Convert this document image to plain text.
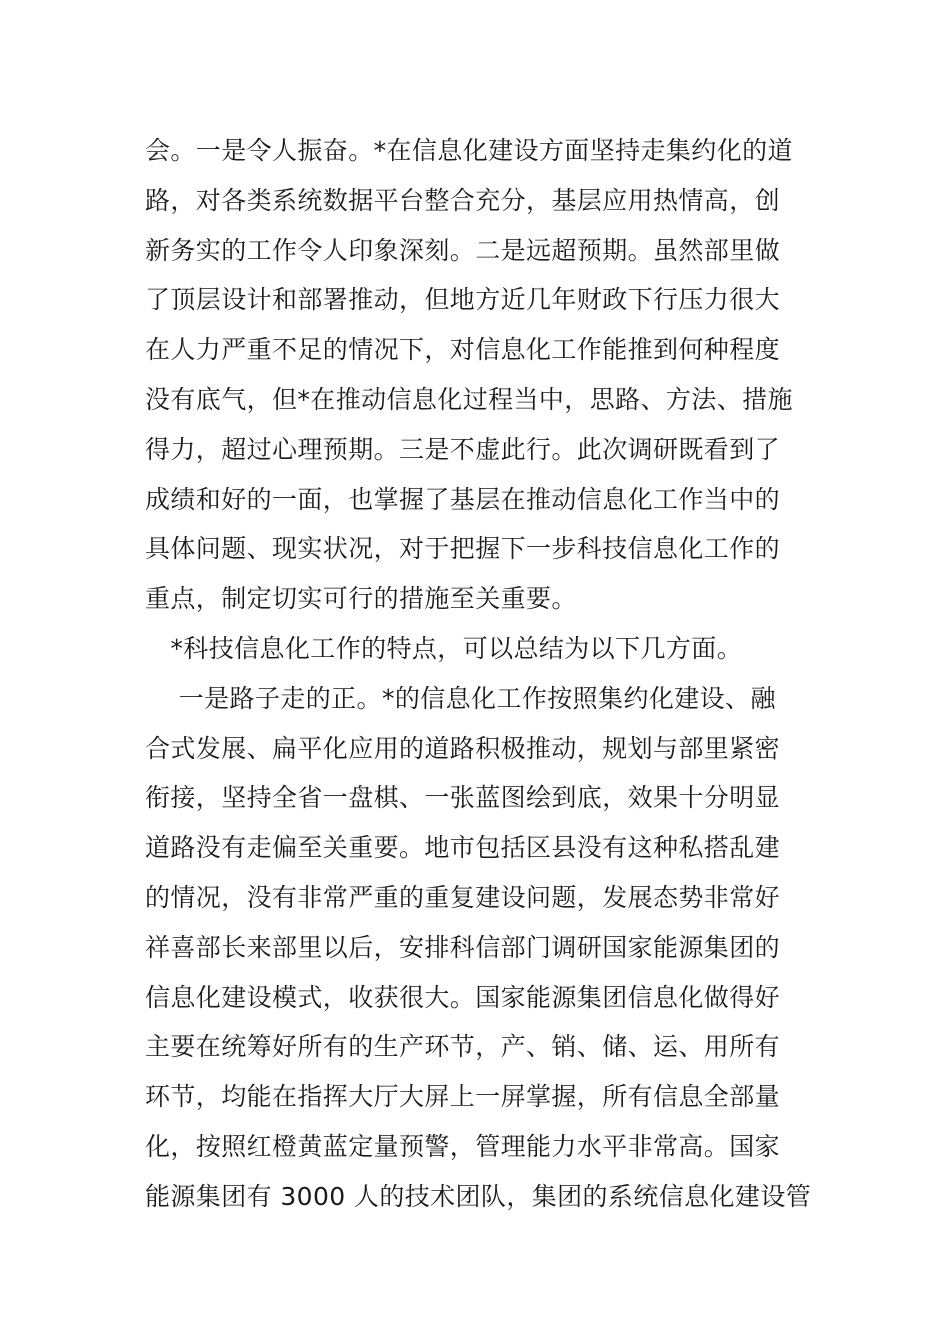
会。一是令人振奋。*在信息化建设方面坚持走集约化的道
路，对各类系统数据平台整合充分，基层应用热情高，创
新务实的工作令人印象深刻。二是远超预期。虽然部里做
了顶层设计和部署推动，但地方近几年财政下行压力很大
在人力严重不足的情况下，对信息化工作能推到何种程度
没有底气，但*在推动信息化过程当中，思路、方法、措施
得力，超过心理预期。三是不虚此行。此次调研既看到了
成绩和好的一面，也掌握了基层在推动信息化工作当中的
具体问题、现实状况，对于把握下一步科技信息化工作的
重点，制定切实可行的措施至关重要。
　*科技信息化工作的特点，可以总结为以下几方面。
　 一是路子走的正。*的信息化工作按照集约化建设、融
合式发展、扁平化应用的道路积极推动，规划与部里紧密
衔接，坚持全省一盘棋、一张蓝图绘到底，效果十分明显
道路没有走偏至关重要。地市包括区县没有这种私搭乱建
的情况，没有非常严重的重复建设问题，发展态势非常好
祥喜部长来部里以后，安排科信部门调研国家能源集团的
信息化建设模式，收获很大。国家能源集团信息化做得好
主要在统筹好所有的生产环节，产、销、储、运、用所有
环节，均能在指挥大厅大屏上一屏掌握，所有信息全部量
化，按照红橙黄蓝定量预警，管理能力水平非常高。国家
能源集团有 3000 人的技术团队，集团的系统信息化建设管
